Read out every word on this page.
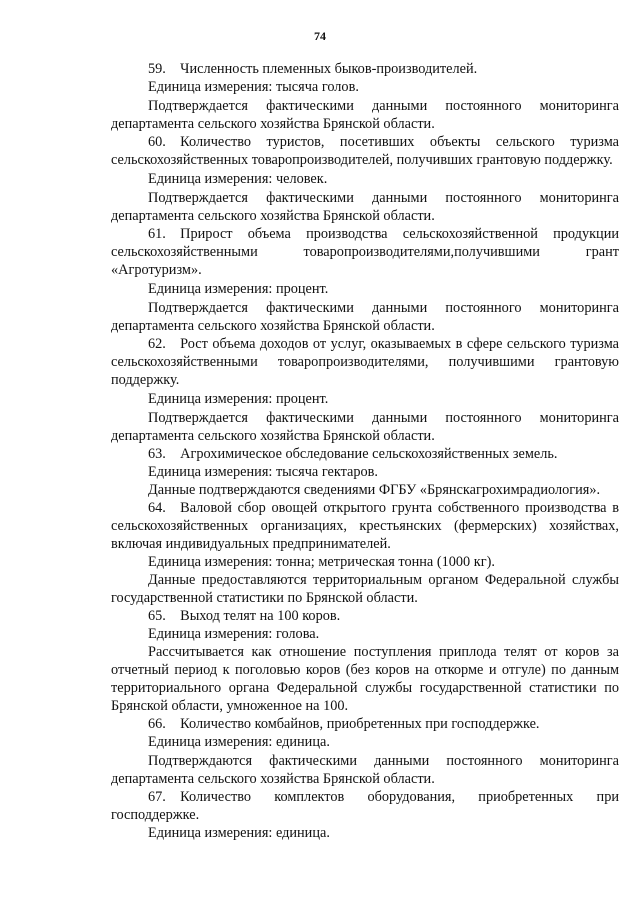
74

59. Численность племенных быков-производителей.

Единица измерения: тысяча голов.

Подтверждается фактическими данными постоянного мониторинга департамента сельского хозяйства Брянской области.

60. Количество туристов, посетивших объекты сельского туризма сельскохозяйственных товаропроизводителей, получивших грантовую поддержку.

Единица измерения: человек.

Подтверждается фактическими данными постоянного мониторинга департамента сельского хозяйства Брянской области.

61. Прирост объема производства сельскохозяйственной продукции сельскохозяйственными товаропроизводителями,получившими грант «Агротуризм».

Единица измерения: процент.

Подтверждается фактическими данными постоянного мониторинга департамента сельского хозяйства Брянской области.

62. Рост объема доходов от услуг, оказываемых в сфере сельского туризма сельскохозяйственными товаропроизводителями, получившими грантовую поддержку.

Единица измерения: процент.

Подтверждается фактическими данными постоянного мониторинга департамента сельского хозяйства Брянской области.

63. Агрохимическое обследование сельскохозяйственных земель.

Единица измерения: тысяча гектаров.

Данные подтверждаются сведениями ФГБУ «Брянскагрохимрадиология».

64. Валовой сбор овощей открытого грунта собственного производства в сельскохозяйственных организациях, крестьянских (фермерских) хозяйствах, включая индивидуальных предпринимателей.

Единица измерения: тонна; метрическая тонна (1000 кг).

Данные предоставляются территориальным органом Федеральной службы государственной статистики по Брянской области.

65. Выход телят на 100 коров.

Единица измерения: голова.

Рассчитывается как отношение поступления приплода телят от коров за отчетный период к поголовью коров (без коров на откорме и отгуле) по данным территориального органа Федеральной службы государственной статистики по Брянской области, умноженное на 100.

66. Количество комбайнов, приобретенных при господдержке.

Единица измерения: единица.

Подтверждаются фактическими данными постоянного мониторинга департамента сельского хозяйства Брянской области.

67. Количество комплектов оборудования, приобретенных при господдержке.

Единица измерения: единица.
